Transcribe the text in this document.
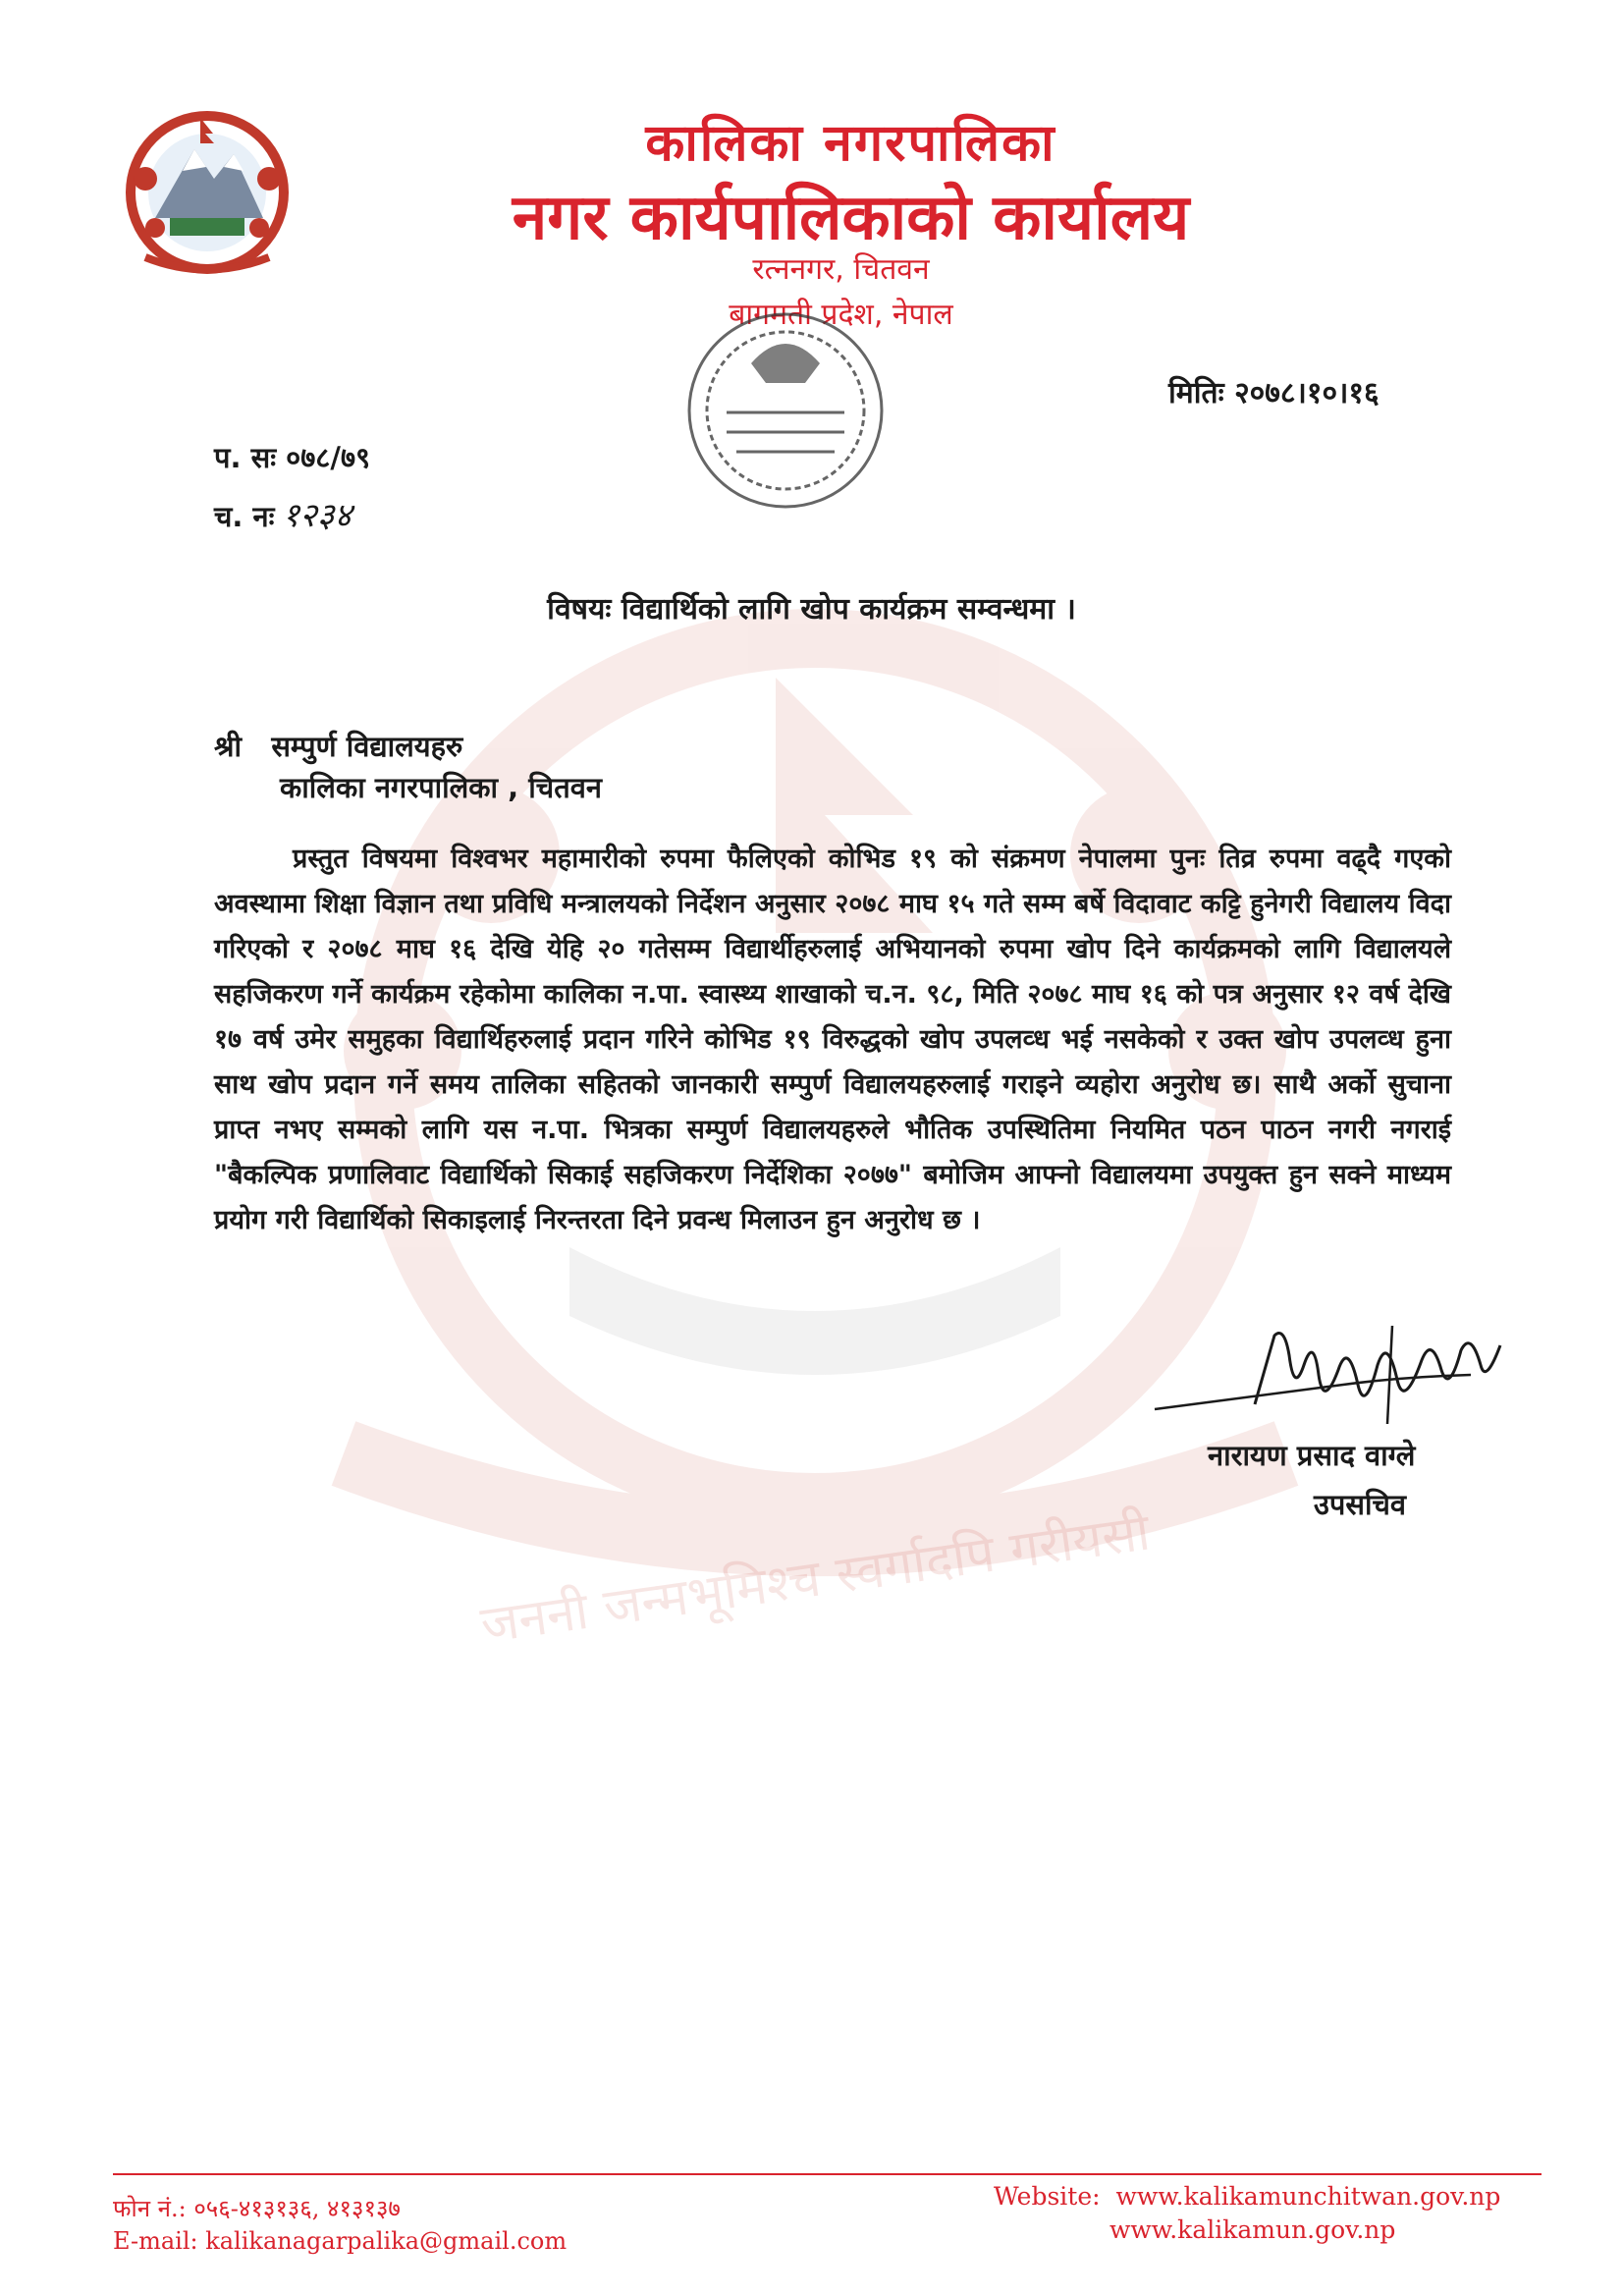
जननी जन्मभूमिश्च स्वर्गादपि गरीयसी
कालिका नगरपालिका
नगर कार्यपालिकाको कार्यालय
रत्ननगर, चितवन
बागमती प्रदेश, नेपाल
मितिः २०७८।१०।१६
प. सः ०७८/७९
च. नः १२३४
विषयः विद्यार्थिको लागि खोप कार्यक्रम सम्वन्धमा ।
श्री   सम्पुर्ण विद्यालयहरु
कालिका नगरपालिका , चितवन

प्रस्तुत विषयमा विश्वभर महामारीको रुपमा फैलिएको कोभिड १९ को संक्रमण नेपालमा पुनः तिव्र रुपमा वढ्दै गएको अवस्थामा शिक्षा विज्ञान तथा प्रविधि मन्त्रालयको निर्देशन अनुसार २०७८ माघ १५ गते सम्म बर्षे विदावाट कट्टि हुनेगरी विद्यालय विदा गरिएको र २०७८ माघ १६ देखि येहि २० गतेसम्म विद्यार्थीहरुलाई अभियानको रुपमा खोप दिने कार्यक्रमको लागि विद्यालयले सहजिकरण गर्ने कार्यक्रम रहेकोमा कालिका न.पा. स्वास्थ्य शाखाको च.न. ९८, मिति २०७८ माघ १६ को पत्र अनुसार १२ वर्ष देखि १७ वर्ष उमेर समुहका विद्यार्थिहरुलाई प्रदान गरिने कोभिड १९ विरुद्धको खोप उपलव्ध भई नसकेको र उक्त खोप उपलव्ध हुना साथ खोप प्रदान गर्ने समय तालिका सहितको जानकारी सम्पुर्ण विद्यालयहरुलाई गराइने व्यहोरा अनुरोध छ। साथै अर्को सुचाना प्राप्त नभए सम्मको लागि यस न.पा. भित्रका सम्पुर्ण विद्यालयहरुले भौतिक उपस्थितिमा नियमित पठन पाठन नगरी नगराई "बैकल्पिक प्रणालिवाट विद्यार्थिको सिकाई सहजिकरण निर्देशिका २०७७" बमोजिम आफ्नो विद्यालयमा उपयुक्त हुन सक्ने माध्यम प्रयोग गरी विद्यार्थिको सिकाइलाई निरन्तरता दिने प्रवन्ध मिलाउन हुन अनुरोध छ ।

नारायण प्रसाद वाग्ले
उपसचिव
फोन नं.: ०५६-४१३१३६, ४१३१३७
E-mail: kalikanagarpalika@gmail.com
Website:  www.kalikamunchitwan.gov.np
www.kalikamun.gov.np
